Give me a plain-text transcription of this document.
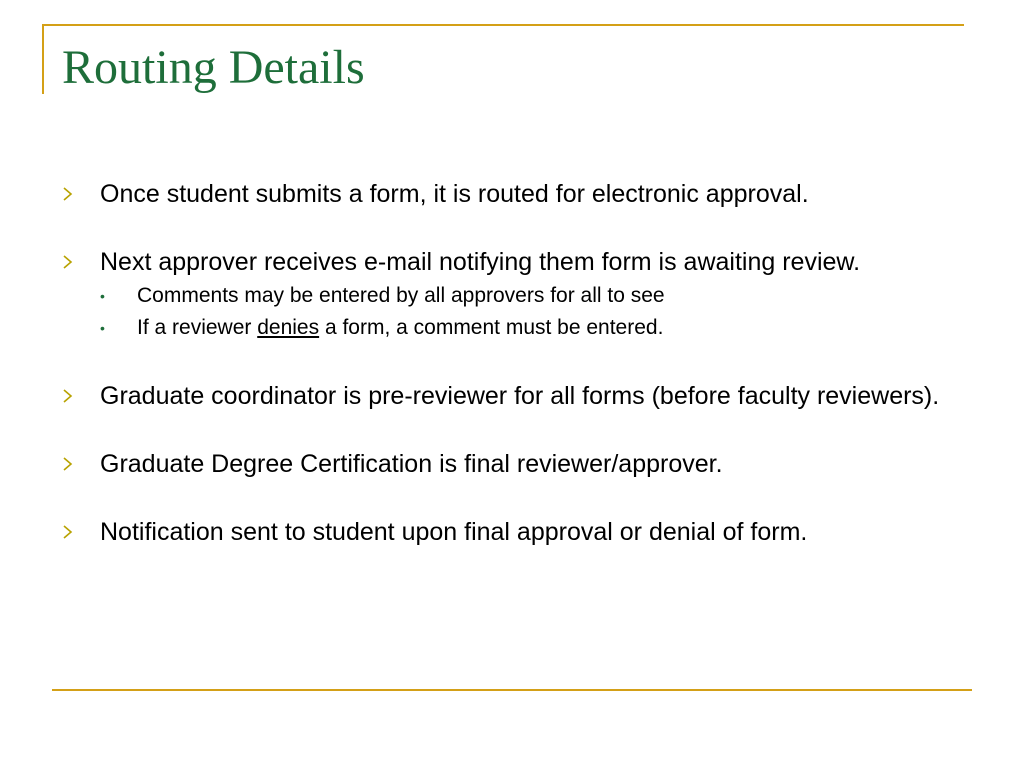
Routing Details
Once student submits a form, it is routed for electronic approval.
Next approver receives e-mail notifying them form is awaiting review.
• Comments may be entered by all approvers for all to see
• If a reviewer denies a form, a comment must be entered.
Graduate coordinator is pre-reviewer for all forms (before faculty reviewers).
Graduate Degree Certification is final reviewer/approver.
Notification sent to student upon final approval or denial of form.
